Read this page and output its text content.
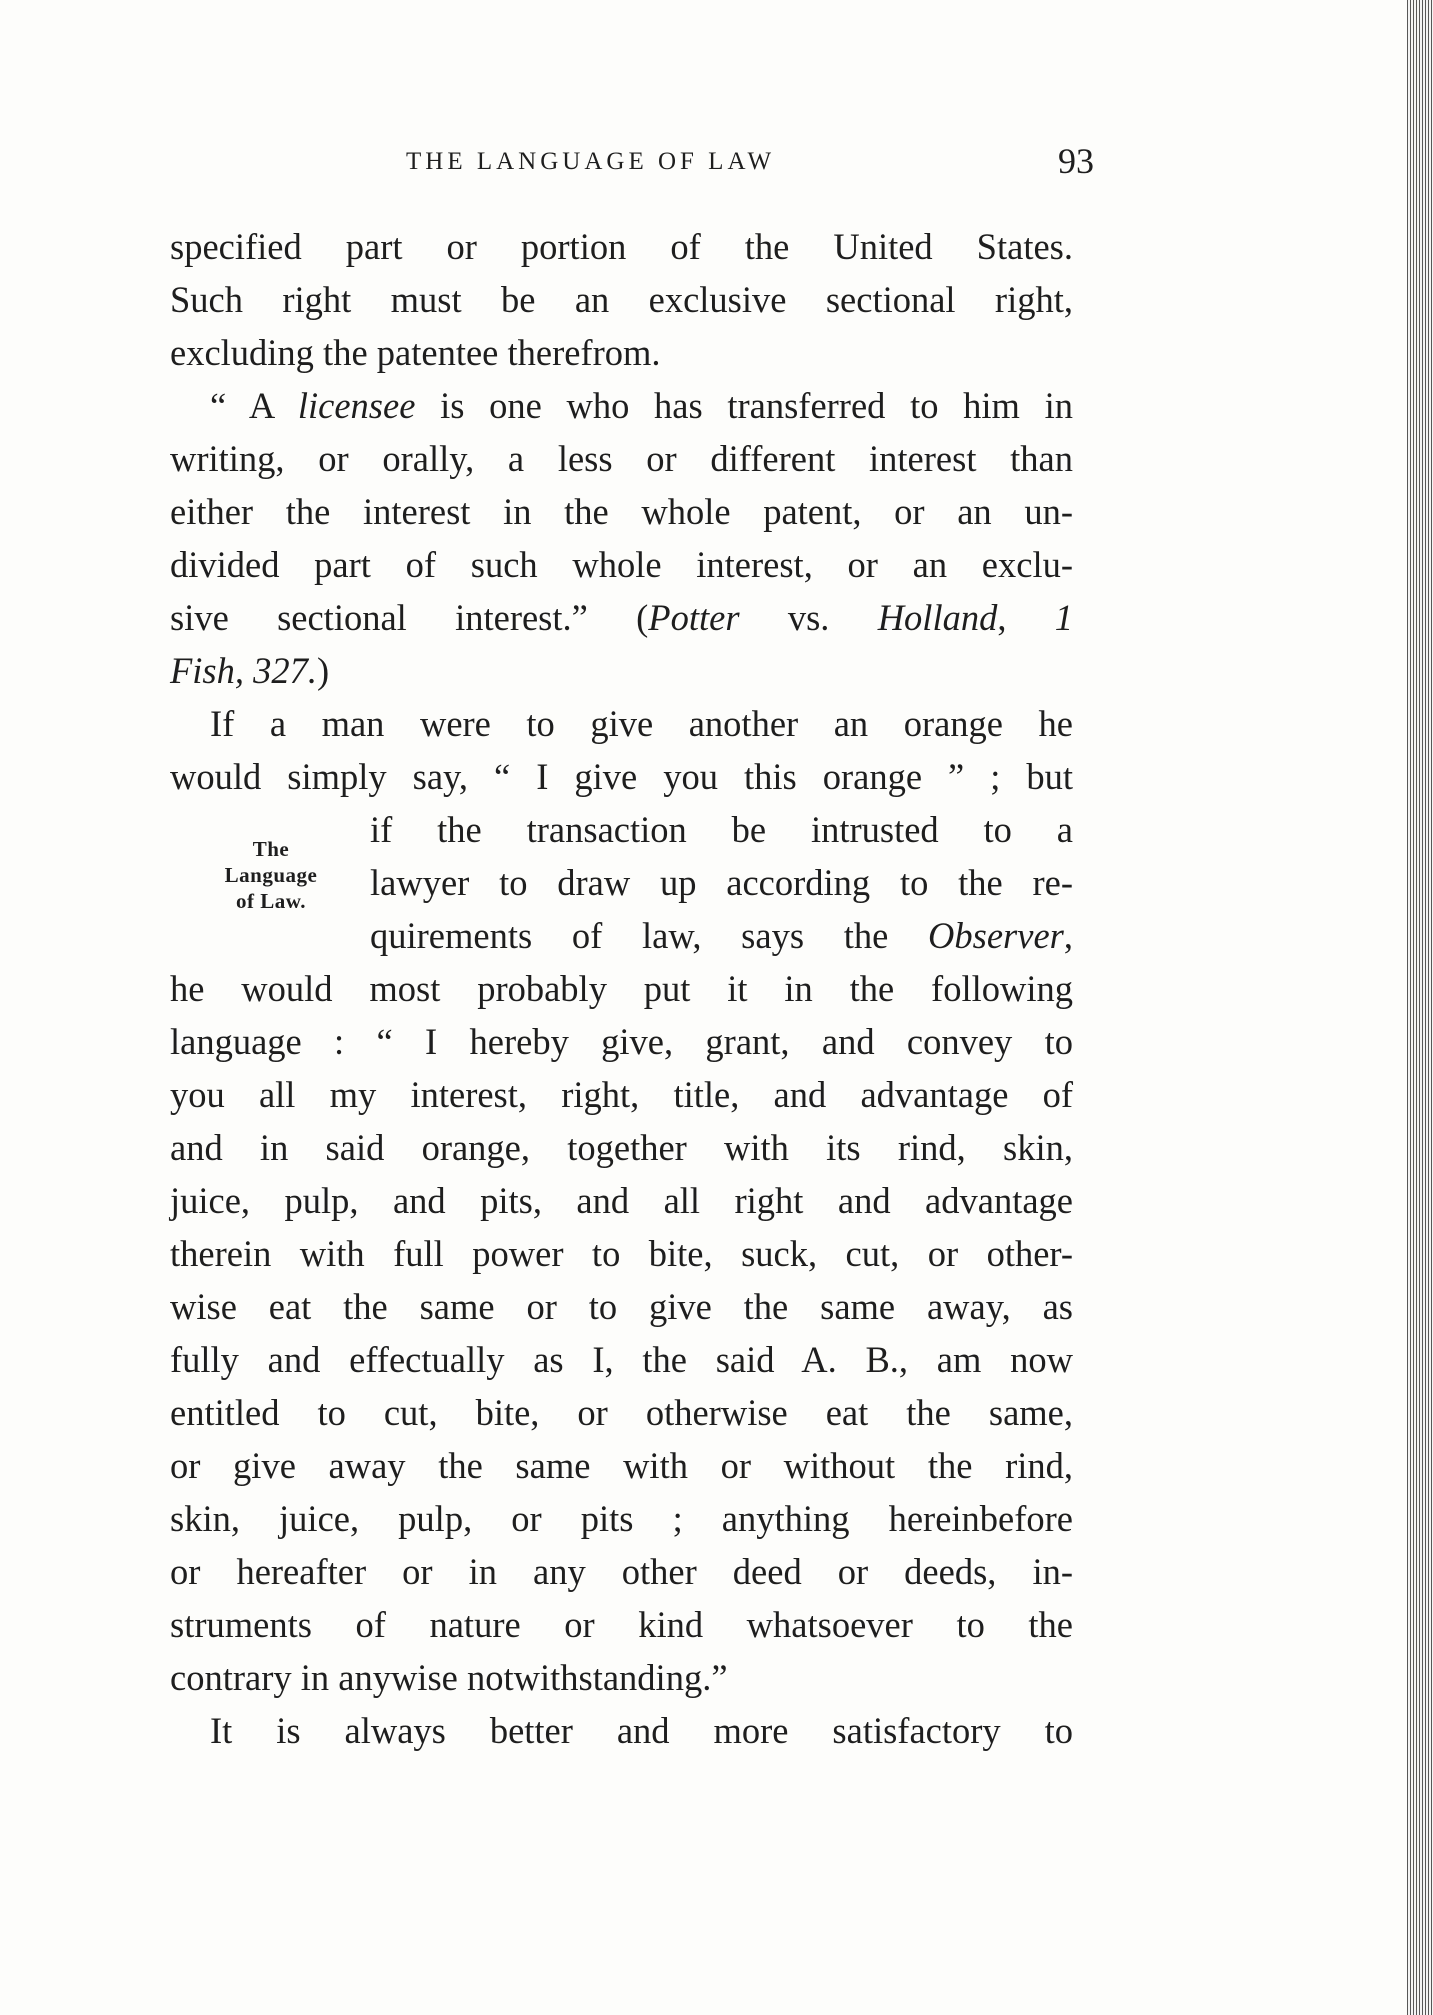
THE LANGUAGE OF LAW	93
specified part or portion of the United States.
Such right must be an exclusive sectional right,
excluding the patentee therefrom.
“ A licensee is one who has transferred to him in
writing, or orally, a less or different interest than
either the interest in the whole patent, or an un-
divided part of such whole interest, or an exclu-
sive sectional interest.” (Potter vs. Holland, 1
Fish, 327.)
If a man were to give another an orange he
would simply say, “ I give you this orange ” ; but
The
Language
of Law.
if the transaction be intrusted to a
lawyer to draw up according to the re-
quirements of law, says the Observer,
he would most probably put it in the following
language : “ I hereby give, grant, and convey to
you all my interest, right, title, and advantage of
and in said orange, together with its rind, skin,
juice, pulp, and pits, and all right and advantage
therein with full power to bite, suck, cut, or other-
wise eat the same or to give the same away, as
fully and effectually as I, the said A. B., am now
entitled to cut, bite, or otherwise eat the same,
or give away the same with or without the rind,
skin, juice, pulp, or pits ; anything hereinbefore
or hereafter or in any other deed or deeds, in-
struments of nature or kind whatsoever to the
contrary in anywise notwithstanding.”
It is always better and more satisfactory to
